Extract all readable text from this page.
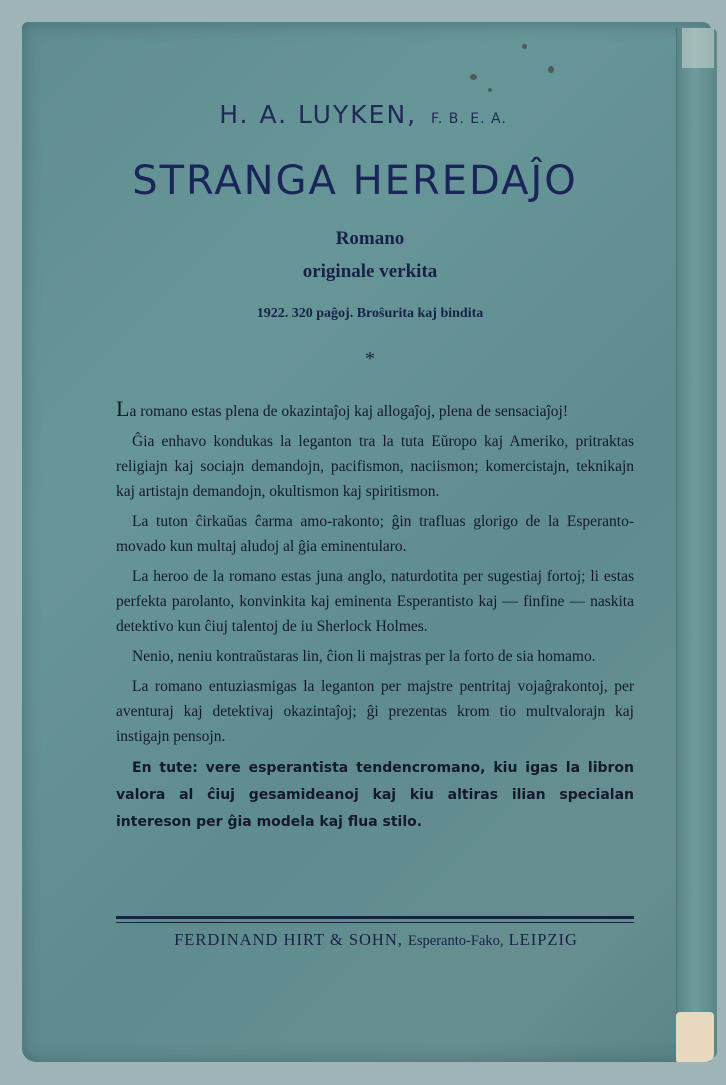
H. A. LUYKEN, F. B. E. A.
STRANGA HEREDAĴO
Romano
originale verkita
1922. 320 paĝoj. Broŝurita kaj bindita
*

La romano estas plena de okazintaĵoj kaj allogaĵoj, plena de sensaciaĵoj!

Ĝia enhavo kondukas la leganton tra la tuta Eŭropo kaj Ameriko, pritraktas religiajn kaj sociajn demandojn, pacifismon, naciismon; komercistajn, teknikajn kaj artistajn demandojn, okultismon kaj spiritismon.

La tuton ĉirkaŭas ĉarma amo-rakonto; ĝin trafluas glorigo de la Esperanto-movado kun multaj aludoj al ĝia eminentularo.

La heroo de la romano estas juna anglo, naturdotita per sugestiaj fortoj; li estas perfekta parolanto, konvinkita kaj eminenta Esperantisto kaj — finfine — naskita detektivo kun ĉiuj talentoj de iu Sherlock Holmes.

Nenio, neniu kontraŭstaras lin, ĉion li majstras per la forto de sia homamo.

La romano entuziasmigas la leganton per majstre pentritaj vojaĝrakontoj, per aventuraj kaj detektivaj okazintaĵoj; ĝi prezentas krom tio multvalorajn kaj instigajn pensojn.

En tute: vere esperantista tendencromano, kiu igas la libron valora al ĉiuj gesamideanoj kaj kiu altiras ilian specialan intereson per ĝia modela kaj flua stilo.

FERDINAND HIRT & SOHN, Esperanto-Fako, LEIPZIG
